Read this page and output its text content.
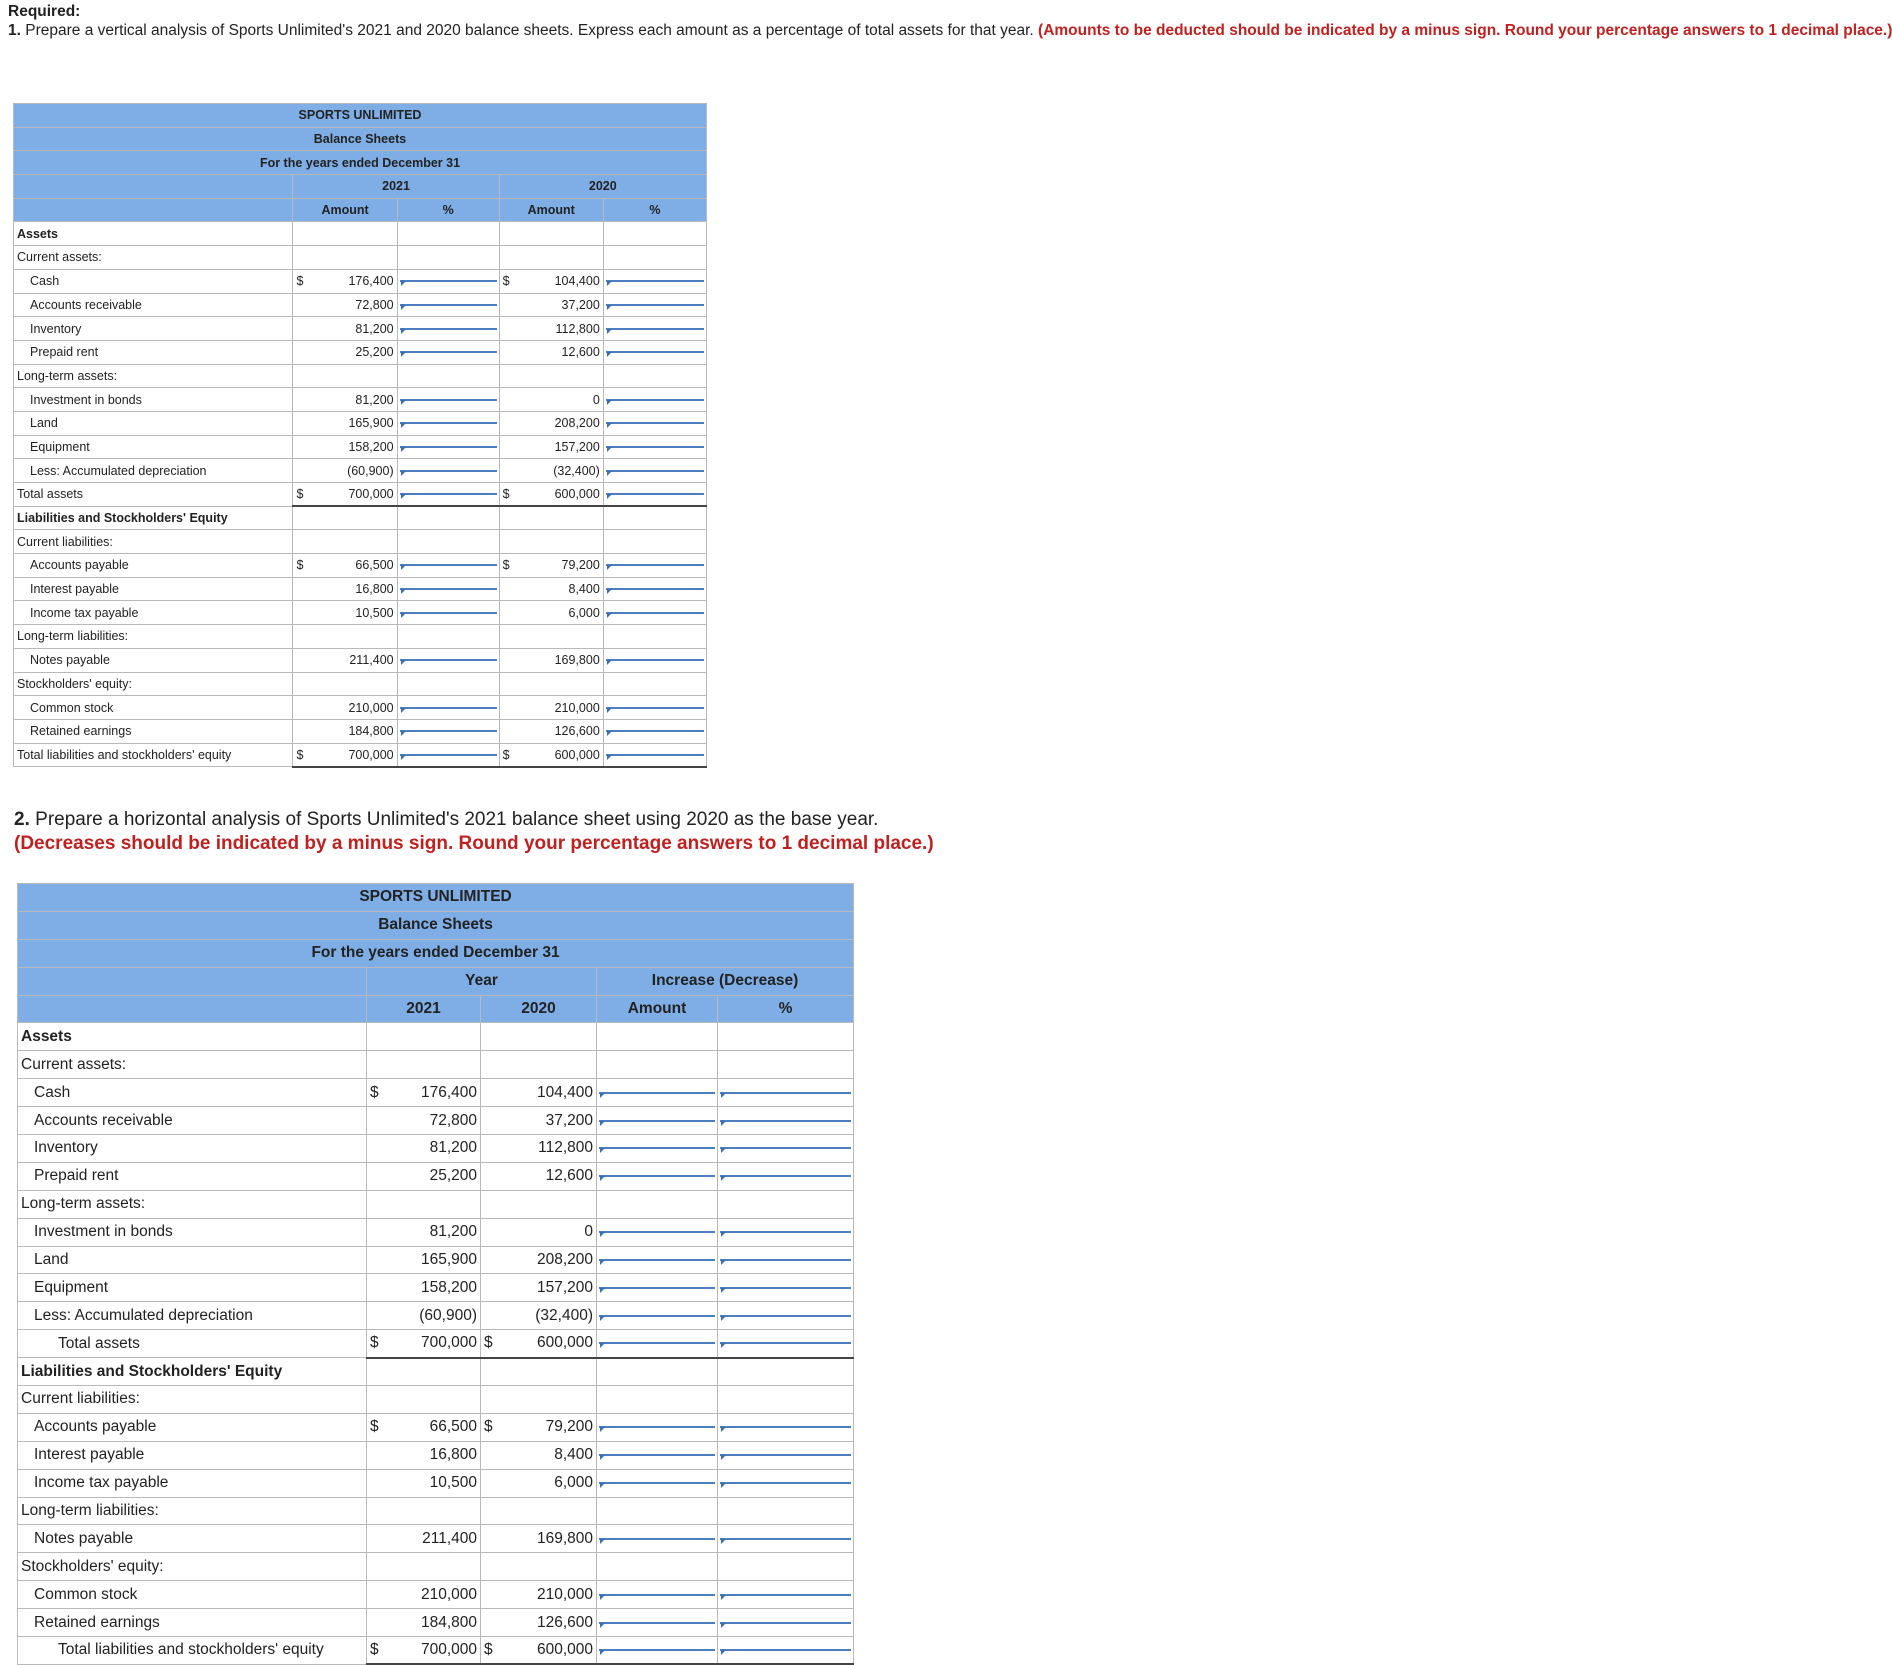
Required:
1. Prepare a vertical analysis of Sports Unlimited's 2021 and 2020 balance sheets. Express each amount as a percentage of total assets for that year. (Amounts to be deducted should be indicated by a minus sign. Round your percentage answers to 1 decimal place.)
SPORTS UNLIMITED						
Balance Sheets						
For the years ended December 31						
	2021			2020		
	Amount		%	Amount		%
Assets						
Current assets:						
Cash	$	176,400		$	104,400	

Accounts receivable		72,800			37,200	

Inventory		81,200			112,800	

Prepaid rent		25,200			12,600	

Long-term assets:						
Investment in bonds		81,200			0	

Land		165,900			208,200	

Equipment		158,200			157,200	

Less: Accumulated depreciation		(60,900)			(32,400)	

Total assets	$	700,000		$	600,000	

Liabilities and Stockholders' Equity						
Current liabilities:						
Accounts payable	$	66,500		$	79,200	

Interest payable		16,800			8,400	

Income tax payable		10,500			6,000	

Long-term liabilities:						
Notes payable		211,400			169,800	

Stockholders' equity:						
Common stock		210,000			210,000	

Retained earnings		184,800			126,600	

Total liabilities and stockholders' equity	$	700,000		$	600,000	
2. Prepare a horizontal analysis of Sports Unlimited's 2021 balance sheet using 2020 as the base year.
(Decreases should be indicated by a minus sign. Round your percentage answers to 1 decimal place.)
SPORTS UNLIMITED						
Balance Sheets						
For the years ended December 31						
	Year				Increase (Decrease)	
	2021		2020		Amount	%
Assets						
Current assets:						
Cash	$	176,400		104,400	

Accounts receivable		72,800		37,200	

Inventory		81,200		112,800	

Prepaid rent		25,200		12,600	

Long-term assets:						
Investment in bonds		81,200		0	

Land		165,900		208,200	

Equipment		158,200		157,200	

Less: Accumulated depreciation		(60,900)		(32,400)	

Total assets	$	700,000	$	600,000	

Liabilities and Stockholders' Equity						
Current liabilities:						
Accounts payable	$	66,500	$	79,200	

Interest payable		16,800		8,400	

Income tax payable		10,500		6,000	

Long-term liabilities:						
Notes payable		211,400		169,800	

Stockholders' equity:						
Common stock		210,000		210,000	

Retained earnings		184,800		126,600	

Total liabilities and stockholders' equity	$	700,000	$	600,000	
